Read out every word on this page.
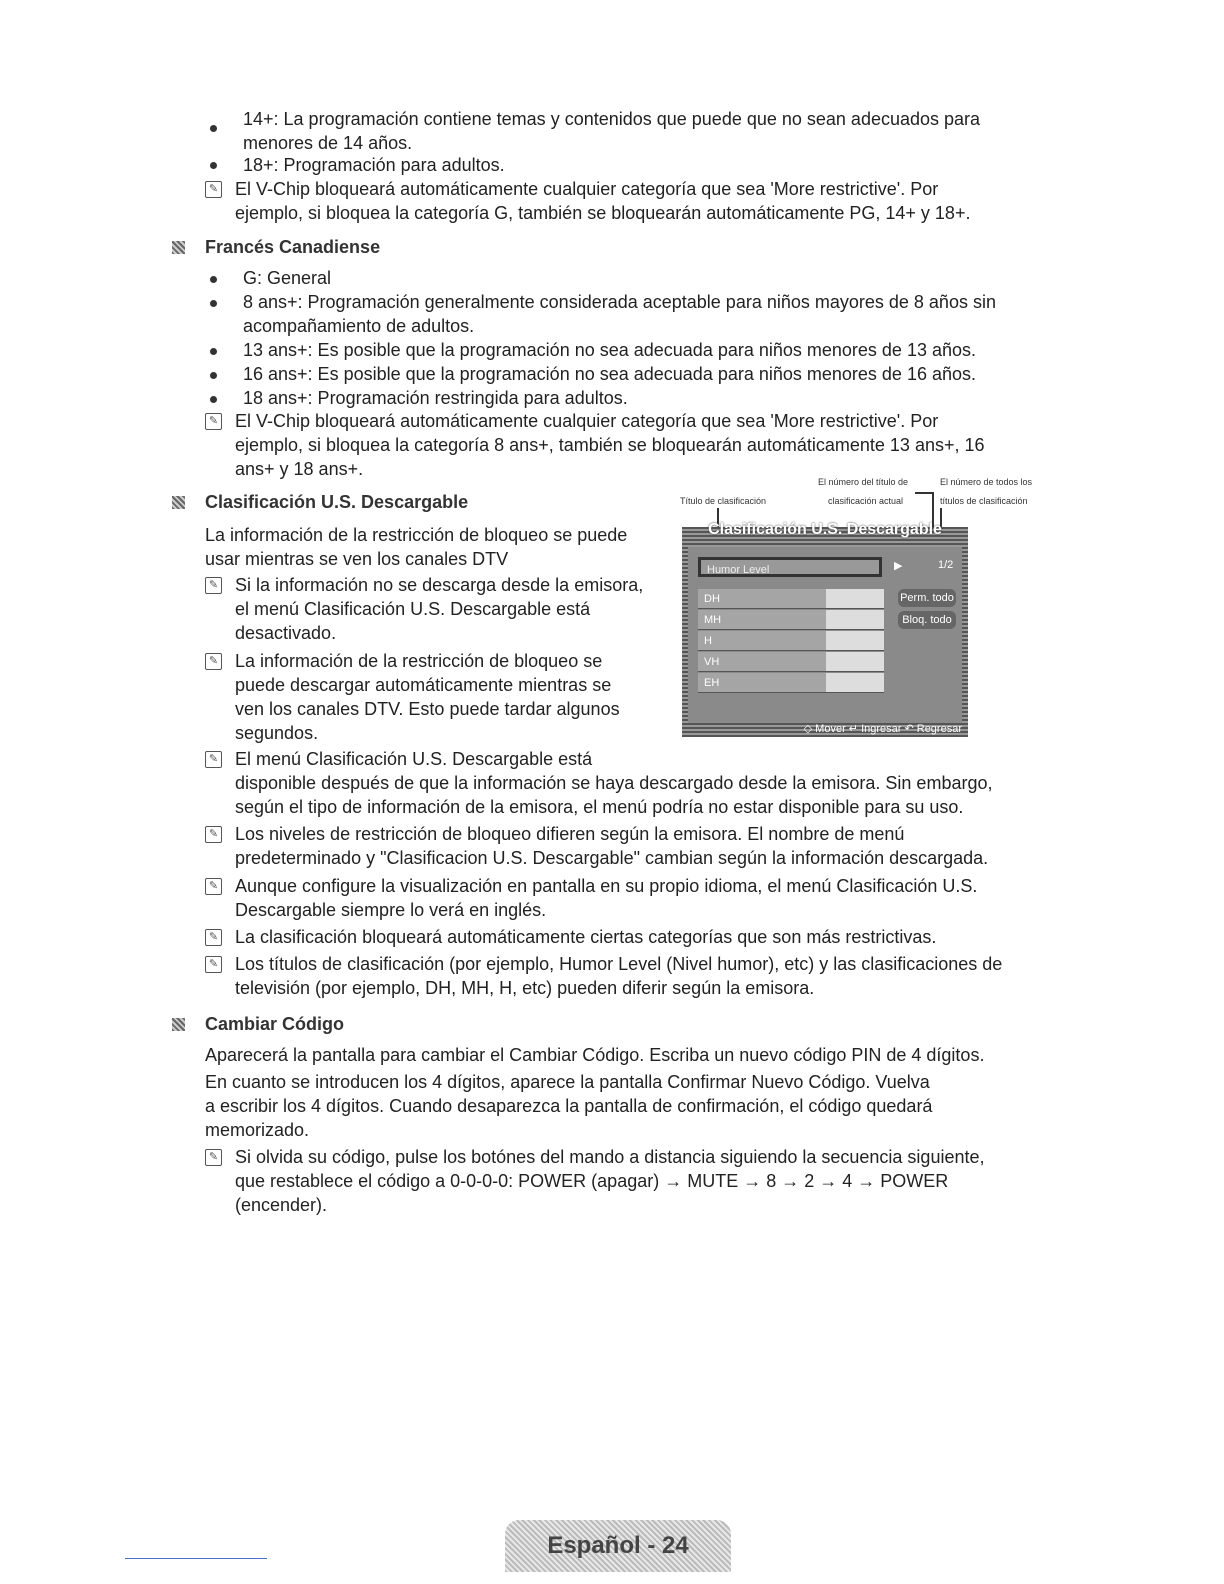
14+: La programación contiene temas y contenidos que puede que no sean adecuados para
menores de 14 años.
18+: Programación para adultos.
✎ El V-Chip bloqueará automáticamente cualquier categoría que sea 'More restrictive'. Por
ejemplo, si bloquea la categoría G, también se bloquearán automáticamente PG, 14+ y 18+.
Francés Canadiense
G: General
8 ans+: Programación generalmente considerada aceptable para niños mayores de 8 años sin
acompañamiento de adultos.
13 ans+: Es posible que la programación no sea adecuada para niños menores de 13 años.
16 ans+: Es posible que la programación no sea adecuada para niños menores de 16 años.
18 ans+: Programación restringida para adultos.
✎ El V-Chip bloqueará automáticamente cualquier categoría que sea 'More restrictive'. Por
ejemplo, si bloquea la categoría 8 ans+, también se bloquearán automáticamente 13 ans+, 16
ans+ y 18 ans+.
Clasificación U.S. Descargable
La información de la restricción de bloqueo se puede
usar mientras se ven los canales DTV
✎ Si la información no se descarga desde la emisora,
el menú Clasificación U.S. Descargable está
desactivado.
✎ La información de la restricción de bloqueo se
puede descargar automáticamente mientras se
ven los canales DTV. Esto puede tardar algunos
segundos.
✎ El menú Clasificación U.S. Descargable está
disponible después de que la información se haya descargado desde la emisora. Sin embargo,
según el tipo de información de la emisora, el menú podría no estar disponible para su uso.
✎ Los niveles de restricción de bloqueo difieren según la emisora. El nombre de menú
predeterminado y "Clasificacion U.S. Descargable" cambian según la información descargada.
✎ Aunque configure la visualización en pantalla en su propio idioma, el menú Clasificación U.S.
Descargable siempre lo verá en inglés.
✎ La clasificación bloqueará automáticamente ciertas categorías que son más restrictivas.
✎ Los títulos de clasificación (por ejemplo, Humor Level (Nivel humor), etc) y las clasificaciones de
televisión (por ejemplo, DH, MH, H, etc) pueden diferir según la emisora.
Título de clasificación
El número del título de
clasificación actual
El número de todos los
títulos de clasificación
Clasificación U.S. Descargable
Humor Level	▶	1/2
DH
MH
H
VH
EH
Perm. todo
Bloq. todo
◇ Mover ↵ Ingresar ↶ Regresar
Cambiar Código
Aparecerá la pantalla para cambiar el Cambiar Código. Escriba un nuevo código PIN de 4 dígitos.
En cuanto se introducen los 4 dígitos, aparece la pantalla Confirmar Nuevo Código. Vuelva
a escribir los 4 dígitos. Cuando desaparezca la pantalla de confirmación, el código quedará
memorizado.
✎ Si olvida su código, pulse los botónes del mando a distancia siguiendo la secuencia siguiente,
que restablece el código a 0-0-0-0: POWER (apagar) → MUTE → 8 → 2 → 4 → POWER
(encender).
Español - 24
